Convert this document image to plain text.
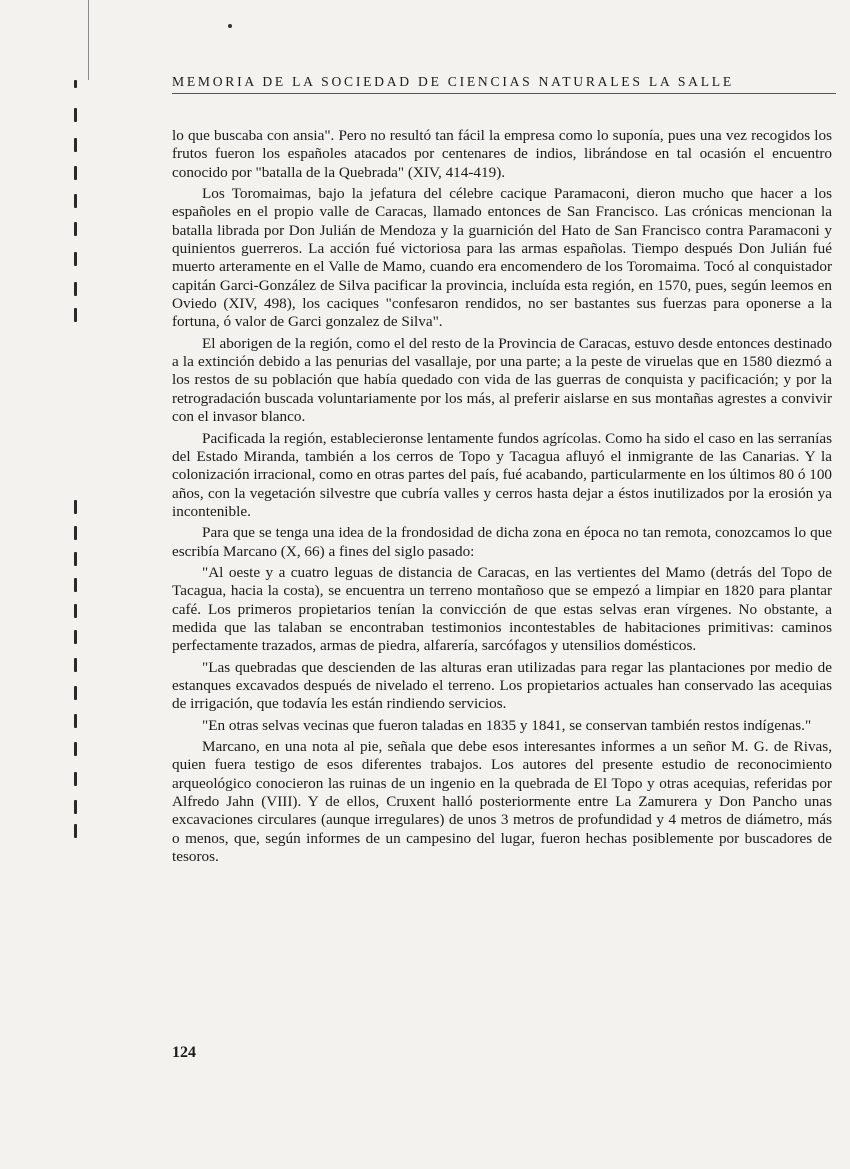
MEMORIA DE LA SOCIEDAD DE CIENCIAS NATURALES LA SALLE

lo que buscaba con ansia". Pero no resultó tan fácil la empresa como lo suponía, pues una vez recogidos los frutos fueron los españoles atacados por centenares de indios, librándose en tal ocasión el encuentro conocido por "batalla de la Quebrada" (XIV, 414-419).

Los Toromaimas, bajo la jefatura del célebre cacique Paramaconi, dieron mucho que hacer a los españoles en el propio valle de Caracas, llamado entonces de San Francisco. Las crónicas mencionan la batalla librada por Don Julián de Mendoza y la guarnición del Hato de San Francisco contra Paramaconi y quinientos guerreros. La acción fué victoriosa para las armas españolas. Tiempo después Don Julián fué muerto arteramente en el Valle de Mamo, cuando era encomendero de los Toromaima. Tocó al conquistador capitán Garci-González de Silva pacificar la provincia, incluída esta región, en 1570, pues, según leemos en Oviedo (XIV, 498), los caciques "confesaron rendidos, no ser bastantes sus fuerzas para oponerse a la fortuna, ó valor de Garci gonzalez de Silva".

El aborigen de la región, como el del resto de la Provincia de Caracas, estuvo desde entonces destinado a la extinción debido a las penurias del vasallaje, por una parte; a la peste de viruelas que en 1580 diezmó a los restos de su población que había quedado con vida de las guerras de conquista y pacificación; y por la retrogradación buscada voluntariamente por los más, al preferir aislarse en sus montañas agrestes a convivir con el invasor blanco.

Pacificada la región, establecieronse lentamente fundos agrícolas. Como ha sido el caso en las serranías del Estado Miranda, también a los cerros de Topo y Tacagua afluyó el inmigrante de las Canarias. Y la colonización irracional, como en otras partes del país, fué acabando, particularmente en los últimos 80 ó 100 años, con la vegetación silvestre que cubría valles y cerros hasta dejar a éstos inutilizados por la erosión ya incontenible.

Para que se tenga una idea de la frondosidad de dicha zona en época no tan remota, conozcamos lo que escribía Marcano (X, 66) a fines del siglo pasado:

"Al oeste y a cuatro leguas de distancia de Caracas, en las vertientes del Mamo (detrás del Topo de Tacagua, hacia la costa), se encuentra un terreno montañoso que se empezó a limpiar en 1820 para plantar café. Los primeros propietarios tenían la convicción de que estas selvas eran vírgenes. No obstante, a medida que las talaban se encontraban testimonios incontestables de habitaciones primitivas: caminos perfectamente trazados, armas de piedra, alfarería, sarcófagos y utensilios domésticos.

"Las quebradas que descienden de las alturas eran utilizadas para regar las plantaciones por medio de estanques excavados después de nivelado el terreno. Los propietarios actuales han conservado las acequias de irrigación, que todavía les están rindiendo servicios.

"En otras selvas vecinas que fueron taladas en 1835 y 1841, se conservan también restos indígenas."

Marcano, en una nota al pie, señala que debe esos interesantes informes a un señor M. G. de Rivas, quien fuera testigo de esos diferentes trabajos. Los autores del presente estudio de reconocimiento arqueológico conocieron las ruinas de un ingenio en la quebrada de El Topo y otras acequias, referidas por Alfredo Jahn (VIII). Y de ellos, Cruxent halló posteriormente entre La Zamurera y Don Pancho unas excavaciones circulares (aunque irregulares) de unos 3 metros de profundidad y 4 metros de diámetro, más o menos, que, según informes de un campesino del lugar, fueron hechas posiblemente por buscadores de tesoros.

124
